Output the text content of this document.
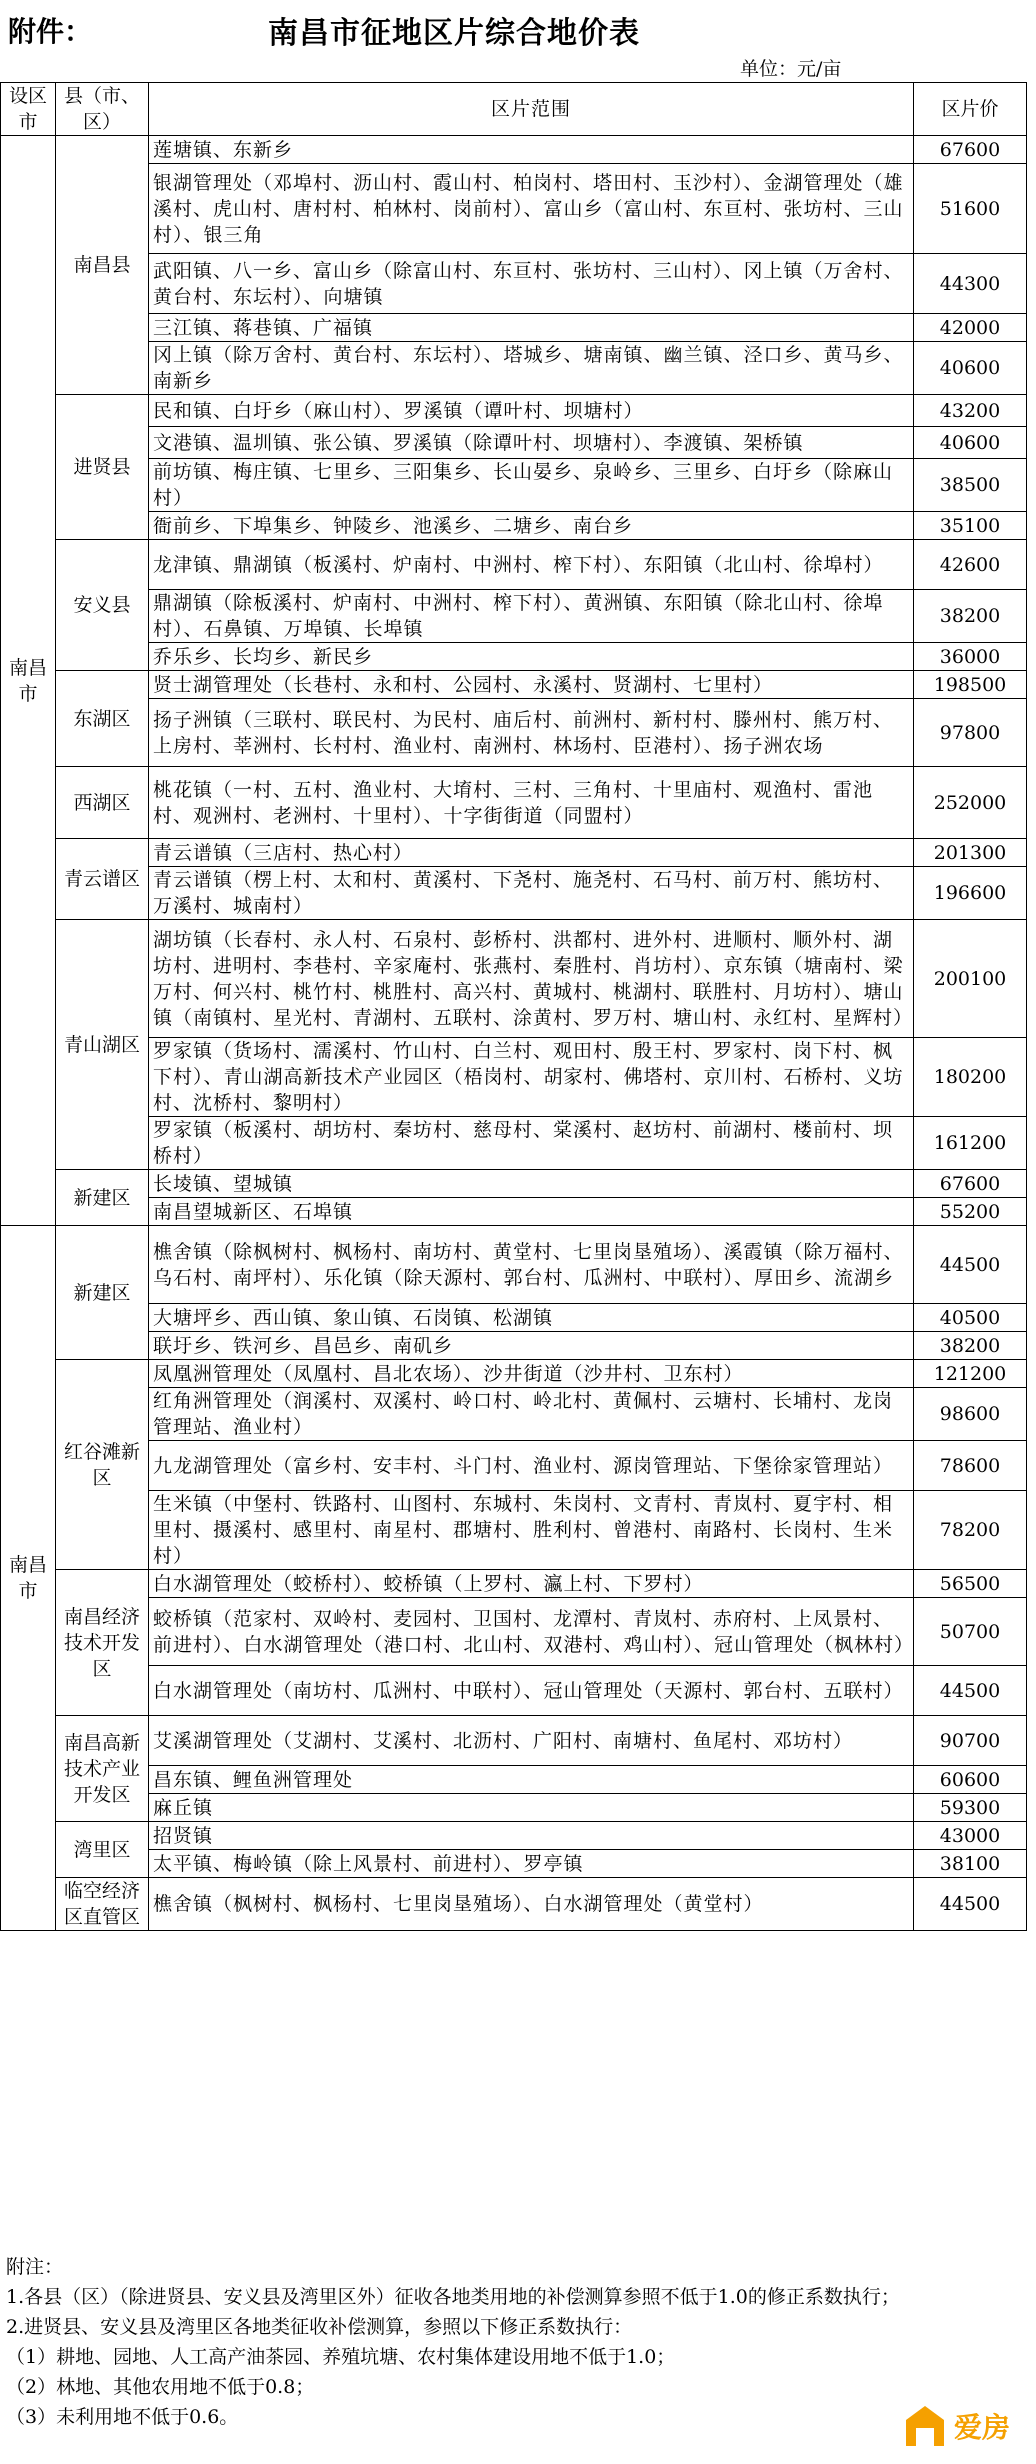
附件：	南昌市征地区片综合地价表
单位：元/亩
设区市	县（市、区）	区片范围	区片价
南昌市	南昌县	莲塘镇、东新乡	67600
		银湖管理处（邓埠村、沥山村、霞山村、柏岗村、塔田村、玉沙村）、金湖管理处（雄溪村、虎山村、唐村村、柏林村、岗前村）、富山乡（富山村、东亘村、张坊村、三山村）、银三角	51600
		武阳镇、八一乡、富山乡（除富山村、东亘村、张坊村、三山村）、冈上镇（万舍村、黄台村、东坛村）、向塘镇	44300
		三江镇、蒋巷镇、广福镇	42000
		冈上镇（除万舍村、黄台村、东坛村）、塔城乡、塘南镇、幽兰镇、泾口乡、黄马乡、南新乡	40600
	进贤县	民和镇、白圩乡（麻山村）、罗溪镇（谭叶村、坝塘村）	43200
		文港镇、温圳镇、张公镇、罗溪镇（除谭叶村、坝塘村）、李渡镇、架桥镇	40600
		前坊镇、梅庄镇、七里乡、三阳集乡、长山晏乡、泉岭乡、三里乡、白圩乡（除麻山村）	38500
		衙前乡、下埠集乡、钟陵乡、池溪乡、二塘乡、南台乡	35100
	安义县	龙津镇、鼎湖镇（板溪村、炉南村、中洲村、榨下村）、东阳镇（北山村、徐埠村）	42600
		鼎湖镇（除板溪村、炉南村、中洲村、榨下村）、黄洲镇、东阳镇（除北山村、徐埠村）、石鼻镇、万埠镇、长埠镇	38200
		乔乐乡、长均乡、新民乡	36000
	东湖区	贤士湖管理处（长巷村、永和村、公园村、永溪村、贤湖村、七里村）	198500
		扬子洲镇（三联村、联民村、为民村、庙后村、前洲村、新村村、滕州村、熊万村、上房村、莘洲村、长村村、渔业村、南洲村、林场村、臣港村）、扬子洲农场	97800
	西湖区	桃花镇（一村、五村、渔业村、大堉村、三村、三角村、十里庙村、观渔村、雷池村、观洲村、老洲村、十里村）、十字街街道（同盟村）	252000
	青云谱区	青云谱镇（三店村、热心村）	201300
		青云谱镇（楞上村、太和村、黄溪村、下尧村、施尧村、石马村、前万村、熊坊村、万溪村、城南村）	196600
	青山湖区	湖坊镇（长春村、永人村、石泉村、彭桥村、洪都村、进外村、进顺村、顺外村、湖坊村、进明村、李巷村、辛家庵村、张燕村、秦胜村、肖坊村）、京东镇（塘南村、梁万村、何兴村、桃竹村、桃胜村、高兴村、黄城村、桃湖村、联胜村、月坊村）、塘山镇（南镇村、星光村、青湖村、五联村、涂黄村、罗万村、塘山村、永红村、星辉村）	200100
		罗家镇（货场村、濡溪村、竹山村、白兰村、观田村、殷王村、罗家村、岗下村、枫下村）、青山湖高新技术产业园区（梧岗村、胡家村、佛塔村、京川村、石桥村、义坊村、沈桥村、黎明村）	180200
		罗家镇（板溪村、胡坊村、秦坊村、慈母村、棠溪村、赵坊村、前湖村、楼前村、坝桥村）	161200
	新建区	长堎镇、望城镇	67600
		南昌望城新区、石埠镇	55200
南昌市	新建区	樵舍镇（除枫树村、枫杨村、南坊村、黄堂村、七里岗垦殖场）、溪霞镇（除万福村、乌石村、南坪村）、乐化镇（除天源村、郭台村、瓜洲村、中联村）、厚田乡、流湖乡	44500
		大塘坪乡、西山镇、象山镇、石岗镇、松湖镇	40500
		联圩乡、铁河乡、昌邑乡、南矶乡	38200
	红谷滩新区	凤凰洲管理处（凤凰村、昌北农场）、沙井街道（沙井村、卫东村）	121200
		红角洲管理处（润溪村、双溪村、岭口村、岭北村、黄佩村、云塘村、长埔村、龙岗管理站、渔业村）	98600
		九龙湖管理处（富乡村、安丰村、斗门村、渔业村、源岗管理站、下堡徐家管理站）	78600
		生米镇（中堡村、铁路村、山图村、东城村、朱岗村、文青村、青岚村、夏宇村、相里村、摄溪村、感里村、南星村、郡塘村、胜利村、曾港村、南路村、长岗村、生米村）	78200
	南昌经济技术开发区	白水湖管理处（蛟桥村）、蛟桥镇（上罗村、瀛上村、下罗村）	56500
		蛟桥镇（范家村、双岭村、麦园村、卫国村、龙潭村、青岚村、赤府村、上凤景村、前进村）、白水湖管理处（港口村、北山村、双港村、鸡山村）、冠山管理处（枫林村）	50700
		白水湖管理处（南坊村、瓜洲村、中联村）、冠山管理处（天源村、郭台村、五联村）	44500
	南昌高新技术产业开发区	艾溪湖管理处（艾湖村、艾溪村、北沥村、广阳村、南塘村、鱼尾村、邓坊村）	90700
		昌东镇、鲤鱼洲管理处	60600
		麻丘镇	59300
	湾里区	招贤镇	43000
		太平镇、梅岭镇（除上风景村、前进村）、罗亭镇	38100
	临空经济区直管区	樵舍镇（枫树村、枫杨村、七里岗垦殖场）、白水湖管理处（黄堂村）	44500
附注：
1.各县（区）（除进贤县、安义县及湾里区外）征收各地类用地的补偿测算参照不低于1.0的修正系数执行；
2.进贤县、安义县及湾里区各地类征收补偿测算，参照以下修正系数执行：
（1）耕地、园地、人工高产油茶园、养殖坑塘、农村集体建设用地不低于1.0；
（2）林地、其他农用地不低于0.8；
（3）未利用地不低于0.6。	爱房
